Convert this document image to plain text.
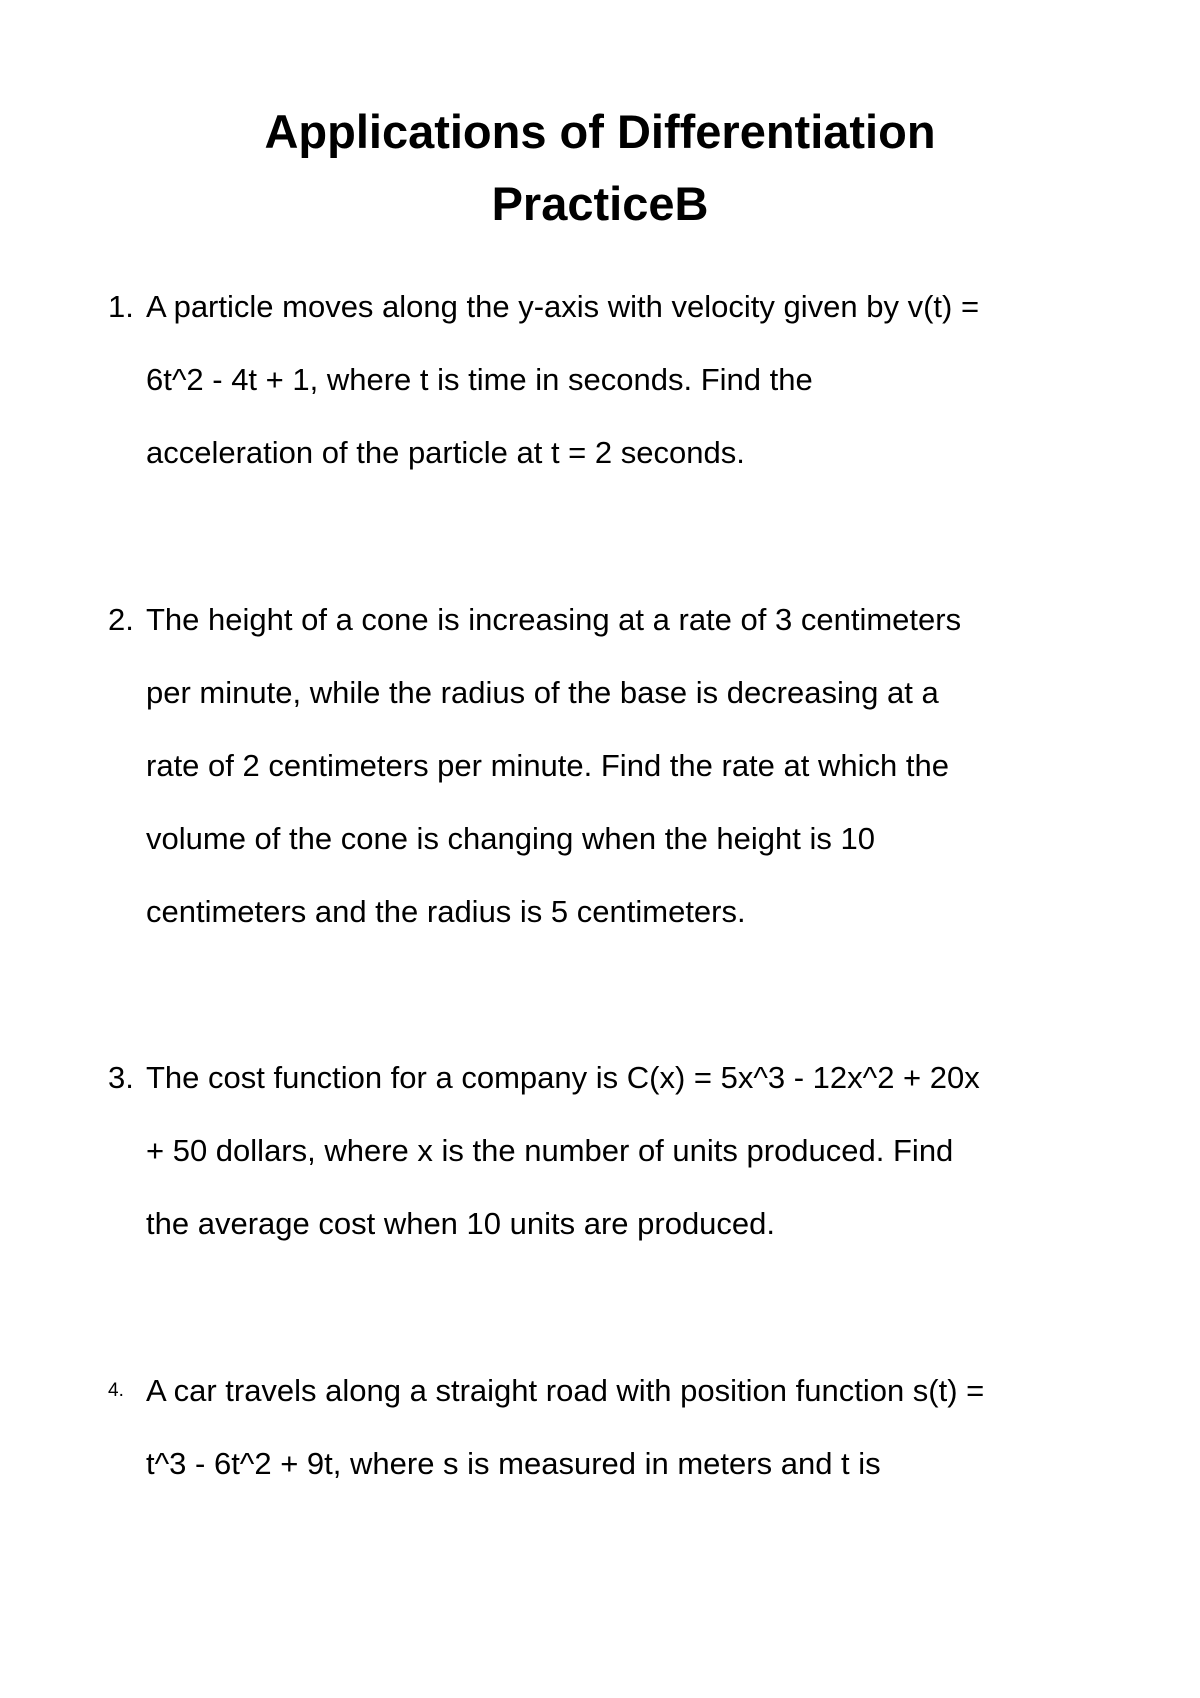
Applications of Differentiation
PracticeB
1. A particle moves along the y-axis with velocity given by v(t) =
6t^2 - 4t + 1, where t is time in seconds. Find the
acceleration of the particle at t = 2 seconds.
2. The height of a cone is increasing at a rate of 3 centimeters
per minute, while the radius of the base is decreasing at a
rate of 2 centimeters per minute. Find the rate at which the
volume of the cone is changing when the height is 10
centimeters and the radius is 5 centimeters.
3. The cost function for a company is C(x) = 5x^3 - 12x^2 + 20x
+ 50 dollars, where x is the number of units produced. Find
the average cost when 10 units are produced.
4. A car travels along a straight road with position function s(t) =
t^3 - 6t^2 + 9t, where s is measured in meters and t is
